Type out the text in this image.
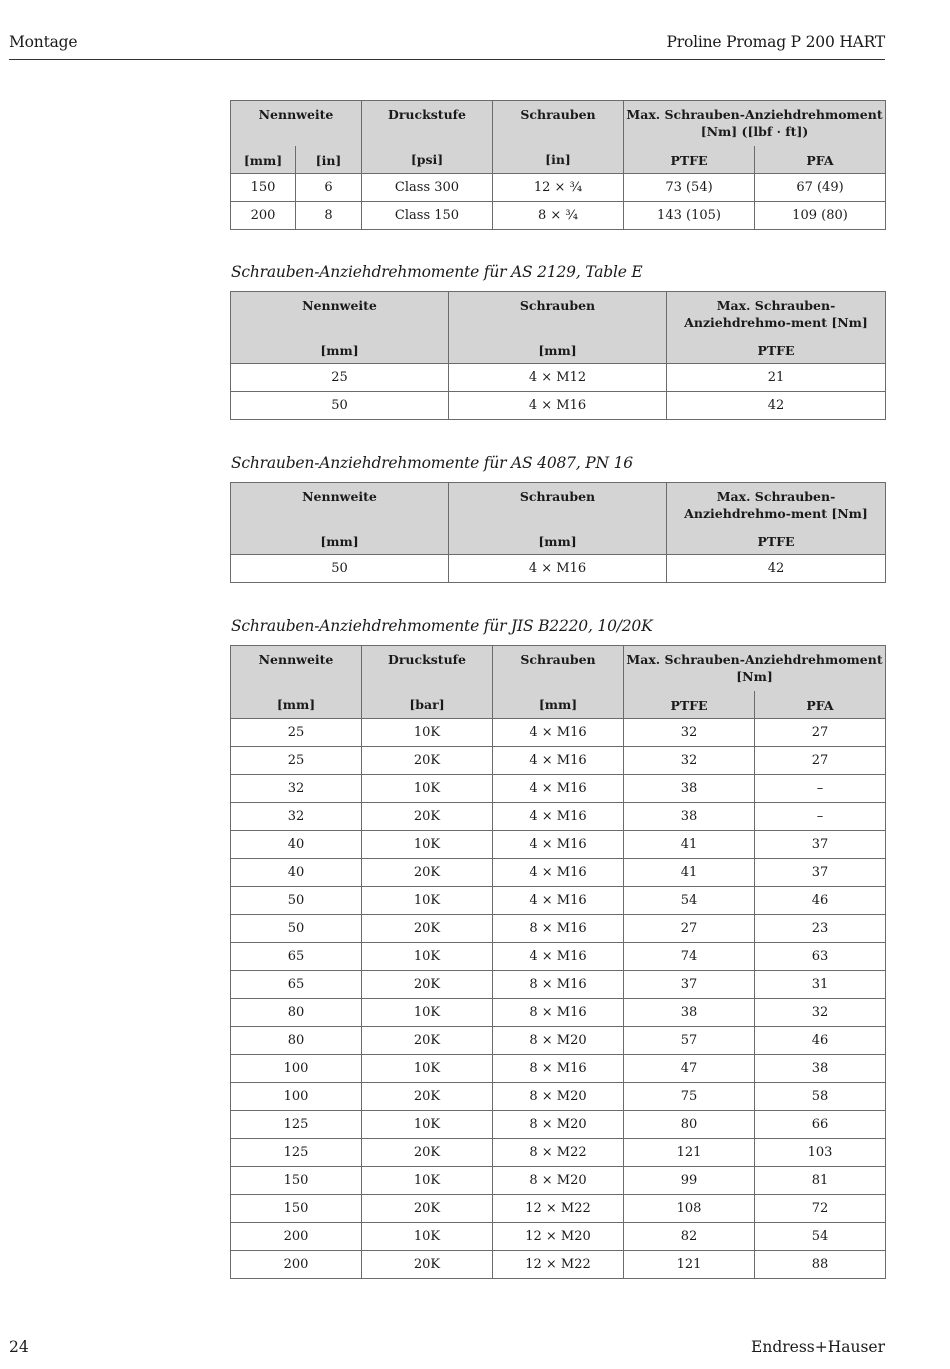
Montage	Proline Promag P 200 HART
Nennweite		Druckstufe	Schrauben	Max. Schrauben-Anziehdrehmoment [Nm] ([lbf · ft])	
[mm]	[in]	[psi]	[in]	PTFE	PFA
150	6	Class 300	12 × ¾	73 (54)	67 (49)
200	8	Class 150	8 × ¾	143 (105)	109 (80)
Schrauben-Anziehdrehmomente für AS 2129, Table E
Nennweite	Schrauben	Max. Schrauben-Anziehdrehmo-ment [Nm]
[mm]	[mm]	PTFE
25	4 × M12	21
50	4 × M16	42
Schrauben-Anziehdrehmomente für AS 4087, PN 16
Nennweite	Schrauben	Max. Schrauben-Anziehdrehmo-ment [Nm]
[mm]	[mm]	PTFE
50	4 × M16	42
Schrauben-Anziehdrehmomente für JIS B2220, 10/20K
Nennweite	Druckstufe	Schrauben	Max. Schrauben-Anziehdrehmoment [Nm]	
[mm]	[bar]	[mm]	PTFE	PFA
25	10K	4 × M16	32	27
25	20K	4 × M16	32	27
32	10K	4 × M16	38	–
32	20K	4 × M16	38	–
40	10K	4 × M16	41	37
40	20K	4 × M16	41	37
50	10K	4 × M16	54	46
50	20K	8 × M16	27	23
65	10K	4 × M16	74	63
65	20K	8 × M16	37	31
80	10K	8 × M16	38	32
80	20K	8 × M20	57	46
100	10K	8 × M16	47	38
100	20K	8 × M20	75	58
125	10K	8 × M20	80	66
125	20K	8 × M22	121	103
150	10K	8 × M20	99	81
150	20K	12 × M22	108	72
200	10K	12 × M20	82	54
200	20K	12 × M22	121	88
24	Endress+Hauser
